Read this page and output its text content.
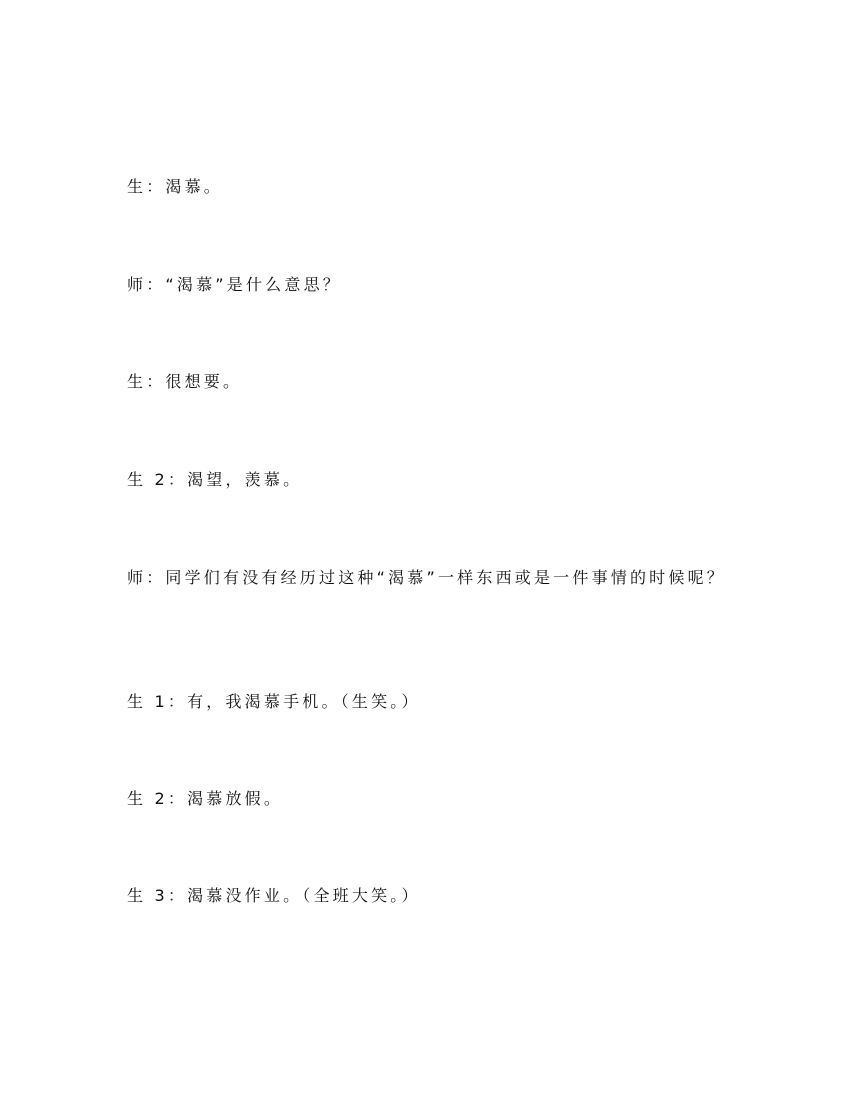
生：渴慕。

师：“渴慕”是什么意思？

生：很想要。

生 2：渴望，羡慕。

师：同学们有没有经历过这种“渴慕”一样东西或是一件事情的时候呢？

生 1：有，我渴慕手机。（生笑。）

生 2：渴慕放假。

生 3：渴慕没作业。（全班大笑。）
